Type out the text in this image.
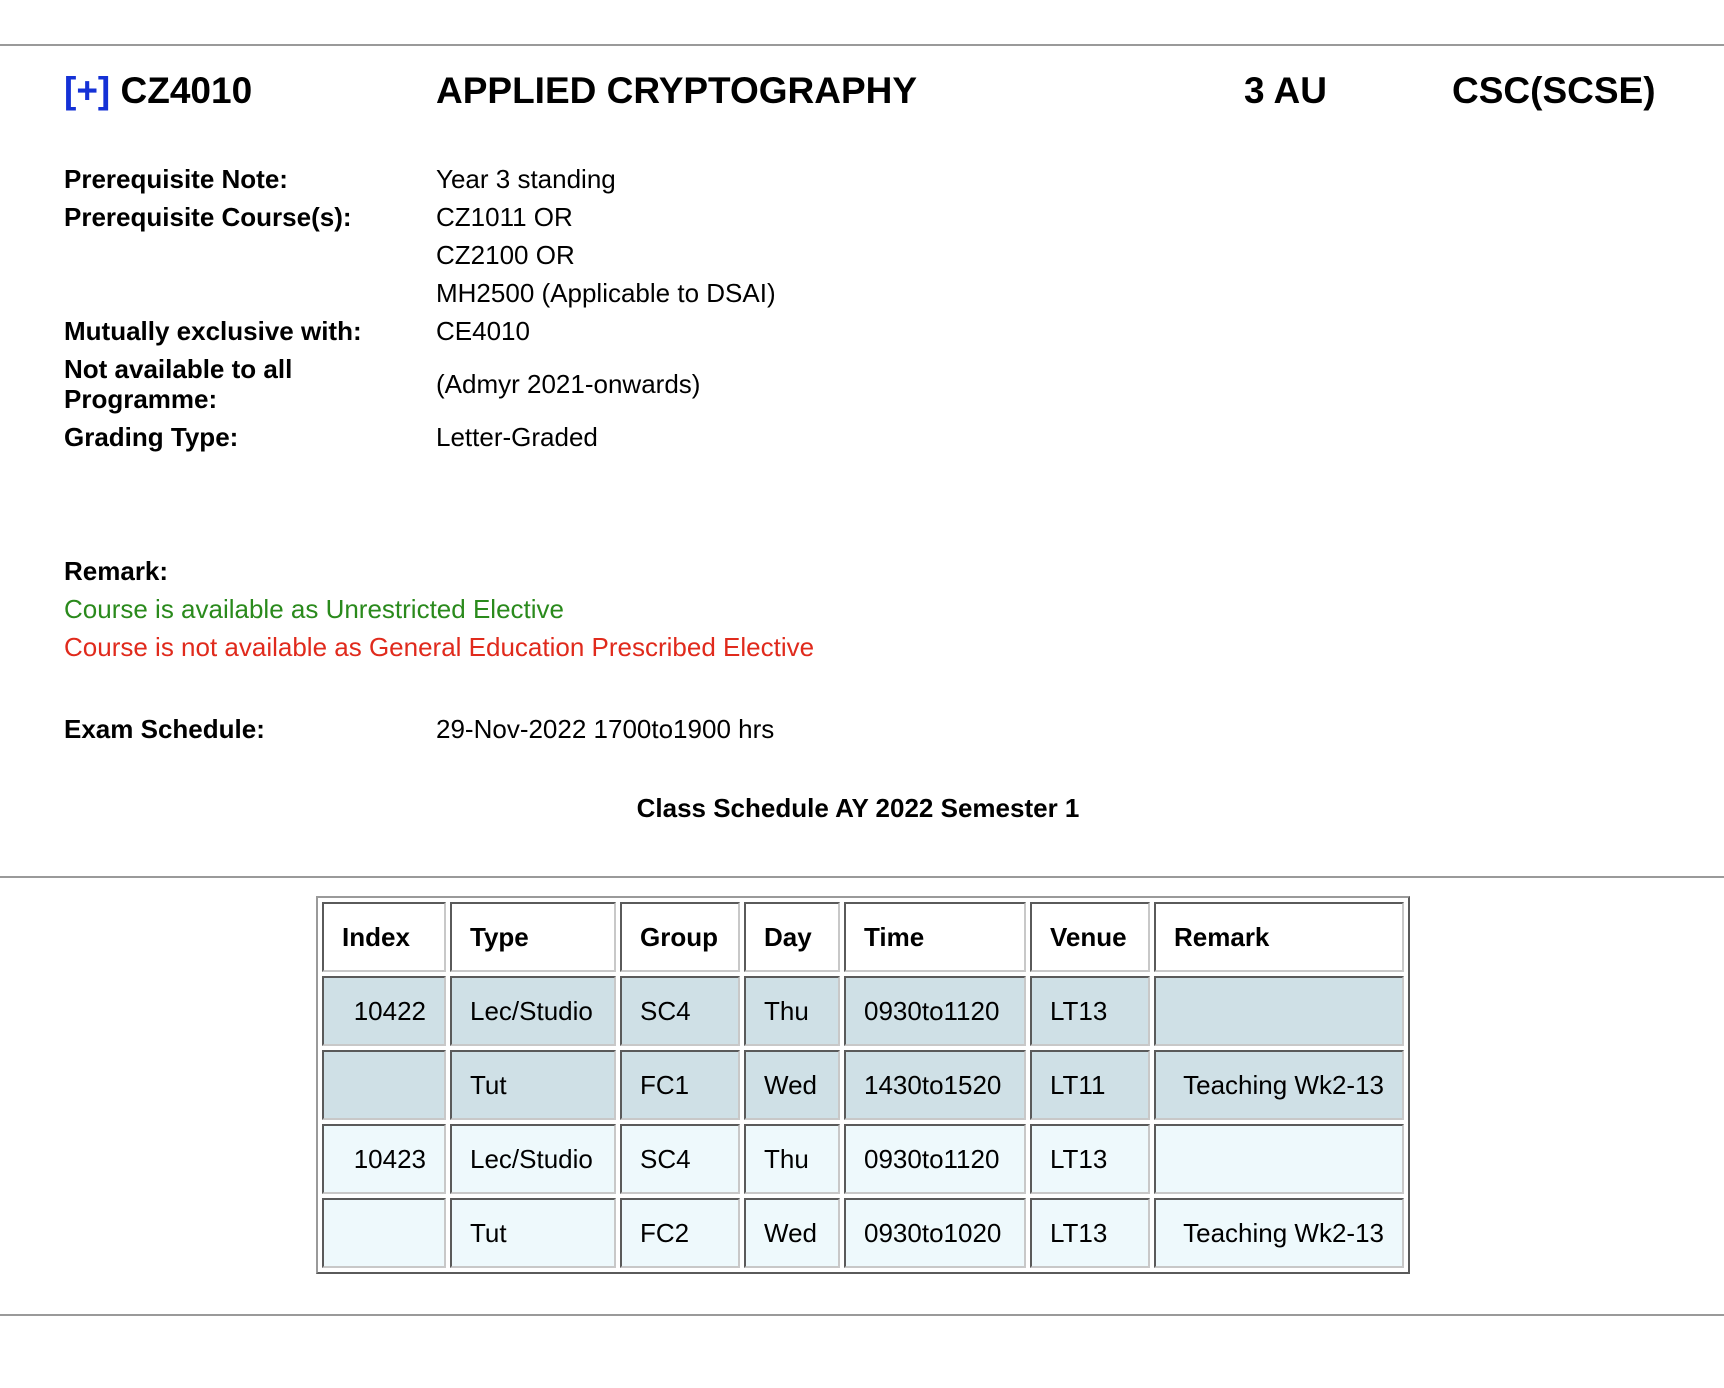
[+] CZ4010	APPLIED CRYPTOGRAPHY	3 AU	CSC(SCSE)
Prerequisite Note:	Year 3 standing
Prerequisite Course(s):	CZ1011 OR
CZ2100 OR
MH2500 (Applicable to DSAI)
Mutually exclusive with:	CE4010
Not available to all
Programme:	(Admyr 2021-onwards)
Grading Type:	Letter-Graded
Remark:
Course is available as Unrestricted Elective
Course is not available as General Education Prescribed Elective
Exam Schedule:	29-Nov-2022 1700to1900 hrs
Class Schedule AY 2022 Semester 1
Index	Type	Group	Day	Time	Venue	Remark
10422	Lec/Studio	SC4	Thu	0930to1120	LT13	
	Tut	FC1	Wed	1430to1520	LT11	Teaching Wk2-13
10423	Lec/Studio	SC4	Thu	0930to1120	LT13	
	Tut	FC2	Wed	0930to1020	LT13	Teaching Wk2-13
